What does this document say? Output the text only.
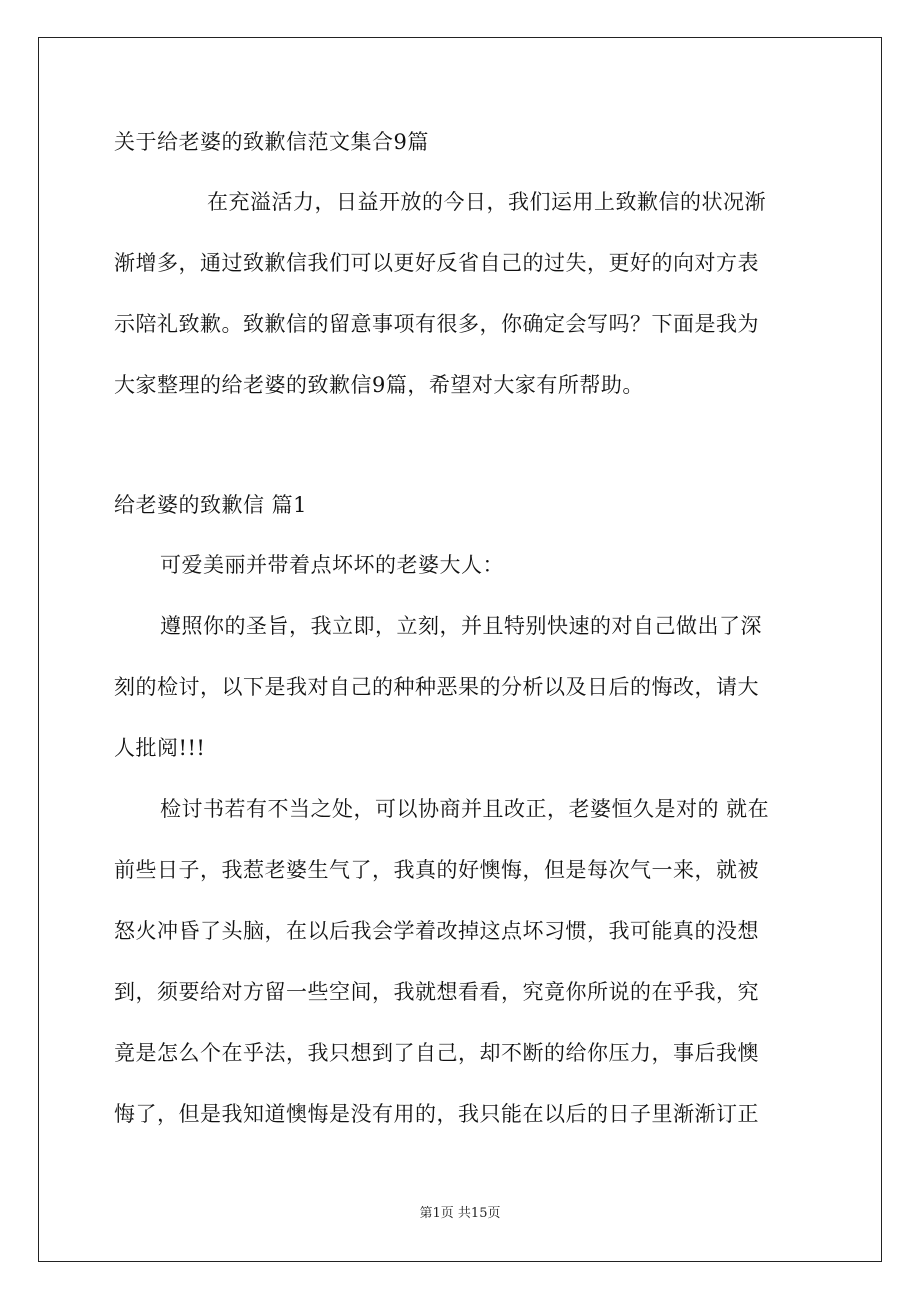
关于给老婆的致歉信范文集合9篇
在充溢活力，日益开放的今日，我们运用上致歉信的状况渐
渐增多，通过致歉信我们可以更好反省自己的过失，更好的向对方表
示陪礼致歉。致歉信的留意事项有很多，你确定会写吗？下面是我为
大家整理的给老婆的致歉信9篇，希望对大家有所帮助。
给老婆的致歉信 篇1
可爱美丽并带着点坏坏的老婆大人：
遵照你的圣旨，我立即，立刻，并且特别快速的对自己做出了深
刻的检讨，以下是我对自己的种种恶果的分析以及日后的悔改，请大
人批阅!!!
检讨书若有不当之处，可以协商并且改正，老婆恒久是对的 就在
前些日子，我惹老婆生气了，我真的好懊悔，但是每次气一来，就被
怒火冲昏了头脑，在以后我会学着改掉这点坏习惯，我可能真的没想
到，须要给对方留一些空间，我就想看看，究竟你所说的在乎我，究
竟是怎么个在乎法，我只想到了自己，却不断的给你压力，事后我懊
悔了，但是我知道懊悔是没有用的，我只能在以后的日子里渐渐订正
第1页 共15页
